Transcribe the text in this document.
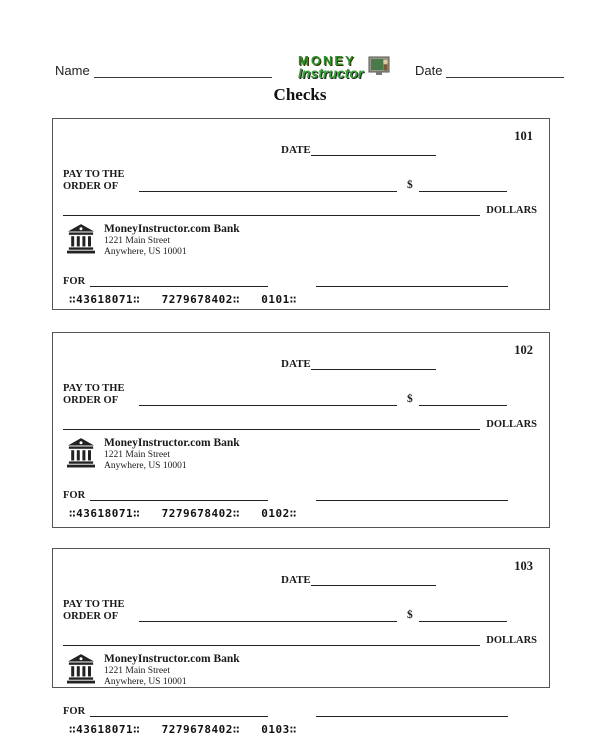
Name
MONEY
Instructor	Date
Checks
101
DATE
PAY TO THE
ORDER OF	$
DOLLARS
MoneyInstructor.com Bank
1221 Main Street
Anywhere, US 10001
FOR
∷43618071∷   7279678402∷   0101∷
102
DATE
PAY TO THE
ORDER OF	$
DOLLARS
MoneyInstructor.com Bank
1221 Main Street
Anywhere, US 10001
FOR
∷43618071∷   7279678402∷   0102∷
103
DATE
PAY TO THE
ORDER OF	$
DOLLARS
MoneyInstructor.com Bank
1221 Main Street
Anywhere, US 10001
FOR
∷43618071∷   7279678402∷   0103∷
